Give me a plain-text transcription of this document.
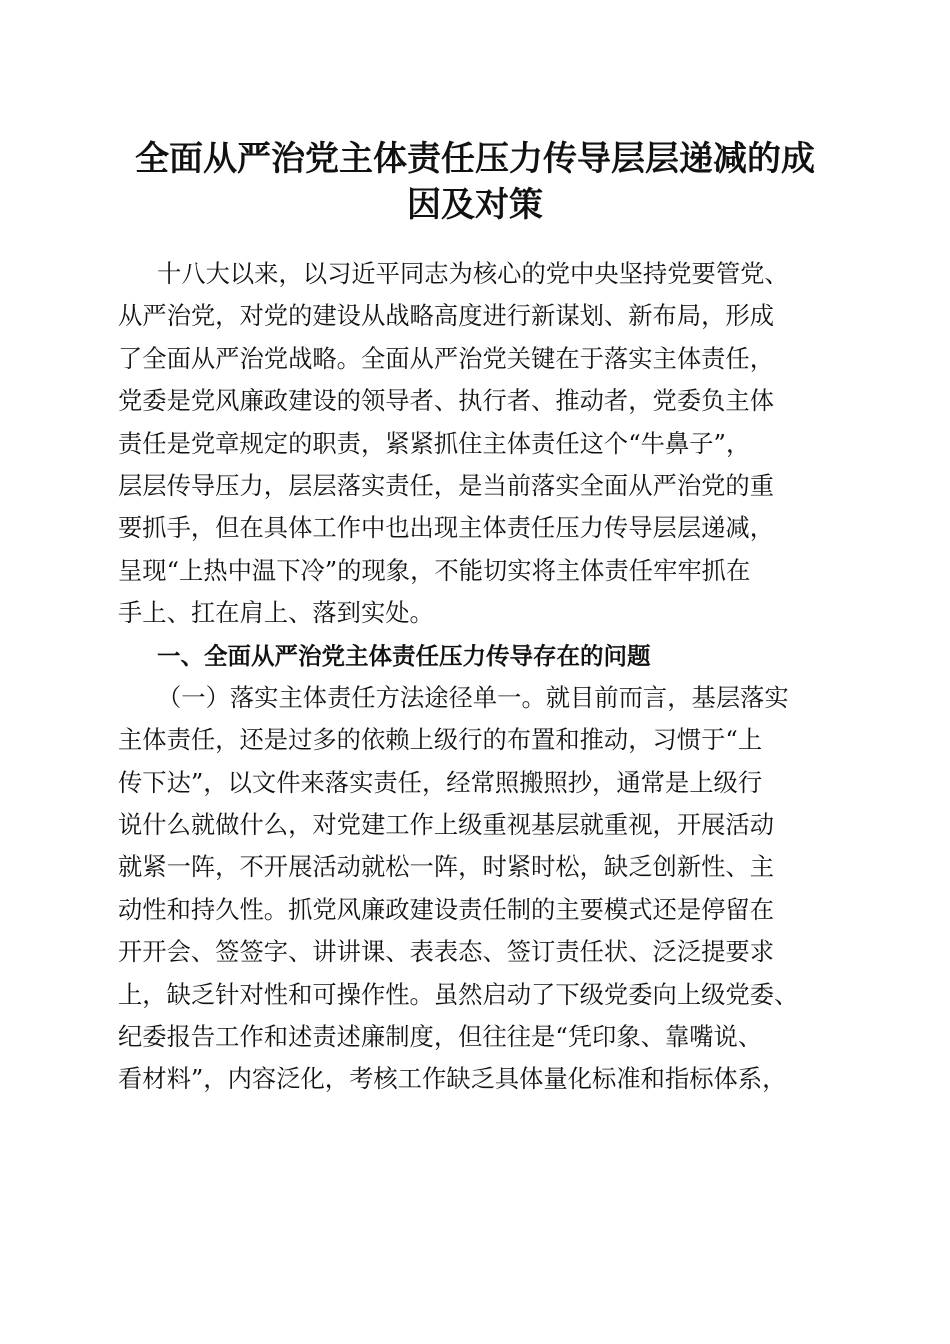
全面从严治党主体责任压力传导层层递减的成
因及对策
十八大以来，以习近平同志为核心的党中央坚持党要管党、
从严治党，对党的建设从战略高度进行新谋划、新布局，形成
了全面从严治党战略。全面从严治党关键在于落实主体责任，
党委是党风廉政建设的领导者、执行者、推动者，党委负主体
责任是党章规定的职责，紧紧抓住主体责任这个“牛鼻子”，
层层传导压力，层层落实责任，是当前落实全面从严治党的重
要抓手，但在具体工作中也出现主体责任压力传导层层递减，
呈现“上热中温下冷”的现象，不能切实将主体责任牢牢抓在
手上、扛在肩上、落到实处。
一、全面从严治党主体责任压力传导存在的问题
（一）落实主体责任方法途径单一。就目前而言，基层落实
主体责任，还是过多的依赖上级行的布置和推动，习惯于“上
传下达”，以文件来落实责任，经常照搬照抄，通常是上级行
说什么就做什么，对党建工作上级重视基层就重视，开展活动
就紧一阵，不开展活动就松一阵，时紧时松，缺乏创新性、主
动性和持久性。抓党风廉政建设责任制的主要模式还是停留在
开开会、签签字、讲讲课、表表态、签订责任状、泛泛提要求
上，缺乏针对性和可操作性。虽然启动了下级党委向上级党委、
纪委报告工作和述责述廉制度，但往往是“凭印象、靠嘴说、
看材料”，内容泛化，考核工作缺乏具体量化标准和指标体系，
